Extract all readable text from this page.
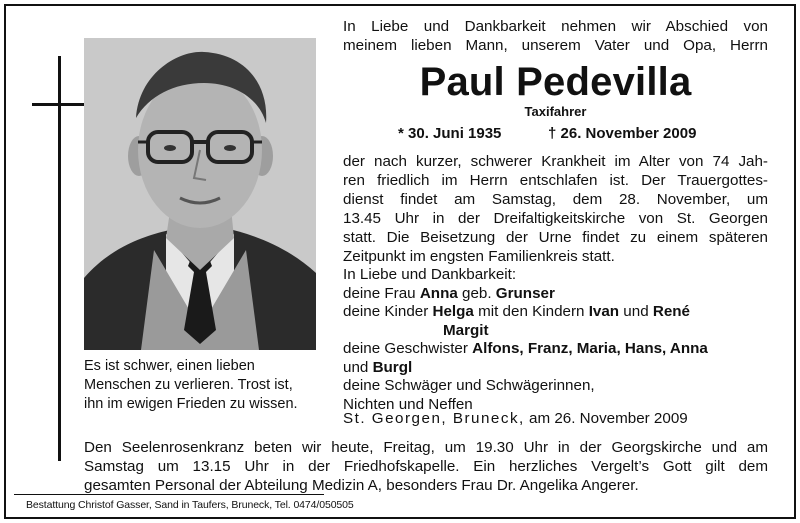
Es ist schwer, einen lieben
Menschen zu verlieren. Trost ist,
ihn im ewigen Frieden zu wissen.
In Liebe und Dankbarkeit nehmen wir Abschied von
meinem lieben Mann, unserem Vater und Opa, Herrn
Paul Pedevilla
Taxifahrer
* 30. Juni 1935	† 26. November 2009
der nach kurzer, schwerer Krankheit im Alter von 74 Jah-
ren friedlich im Herrn entschlafen ist. Der Trauergottes-
dienst findet am Samstag, dem 28. November, um
13.45 Uhr in der Dreifaltigkeitskirche von St. Georgen
statt. Die Beisetzung der Urne findet zu einem späteren
Zeitpunkt im engsten Familienkreis statt.
In Liebe und Dankbarkeit:
deine Frau Anna geb. Grunser
deine Kinder Helga mit den Kindern Ivan und René
Margit
deine Geschwister Alfons, Franz, Maria, Hans, Anna
und Burgl
deine Schwäger und Schwägerinnen,
Nichten und Neffen
St. Georgen, Bruneck, am 26. November 2009
Den Seelenrosenkranz beten wir heute, Freitag, um 19.30 Uhr in der Georgskirche und am
Samstag um 13.15 Uhr in der Friedhofskapelle. Ein herzliches Vergelt’s Gott gilt dem
gesamten Personal der Abteilung Medizin A, besonders Frau Dr. Angelika Angerer.
Bestattung Christof Gasser, Sand in Taufers, Bruneck, Tel. 0474/050505
